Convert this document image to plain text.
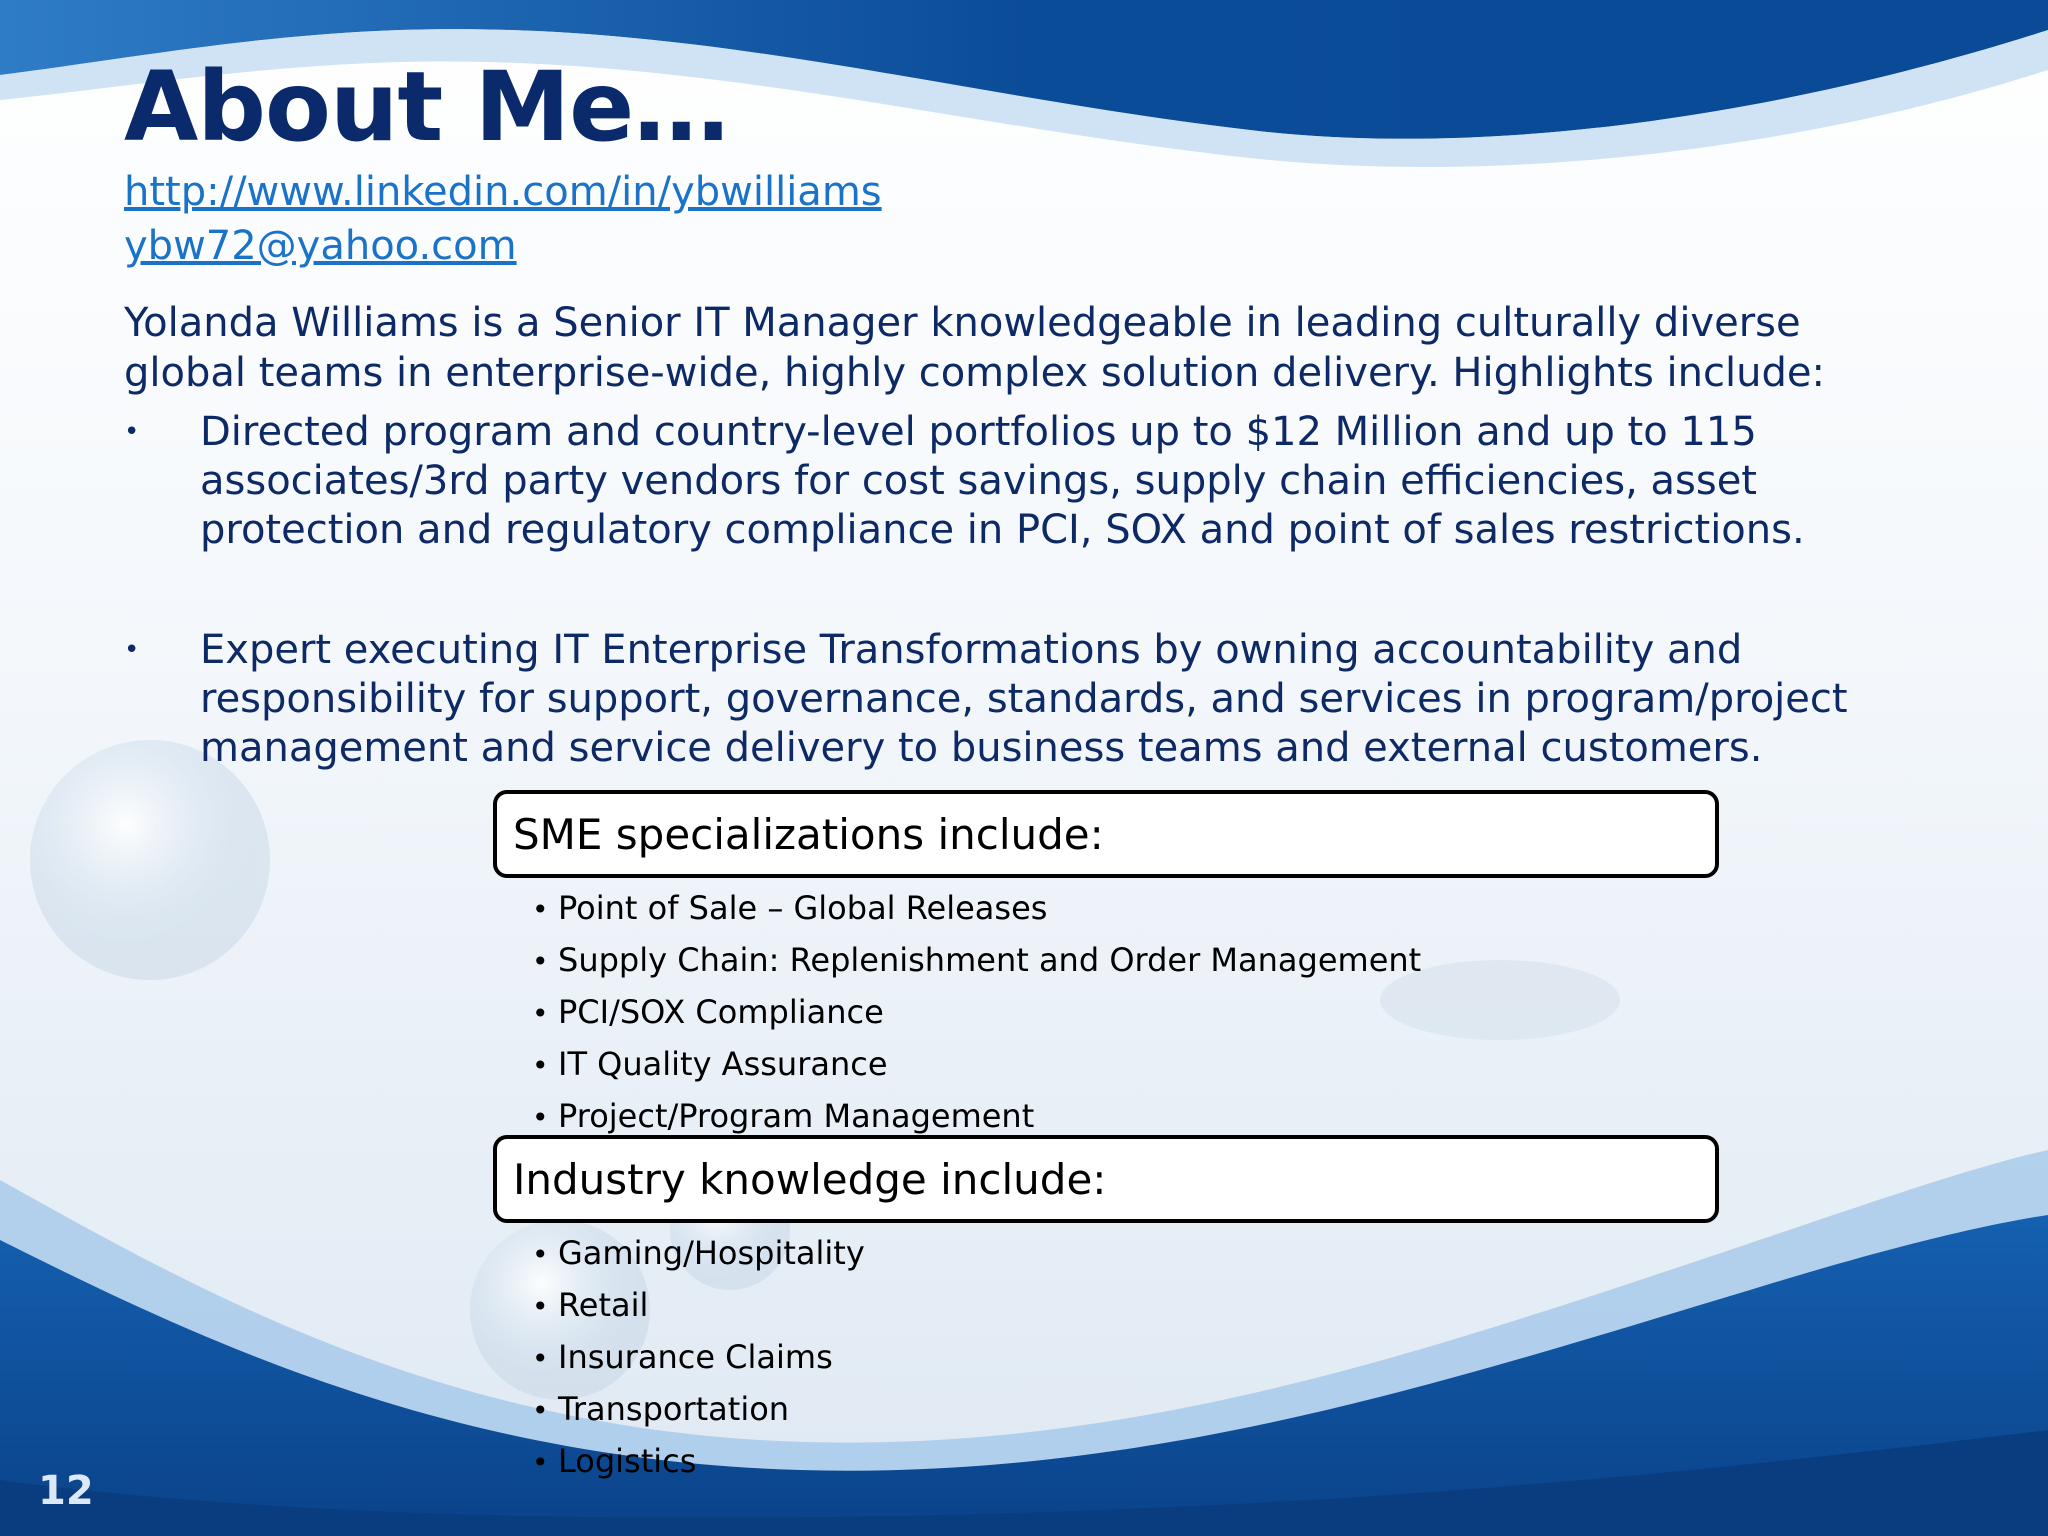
About Me…
http://www.linkedin.com/in/ybwilliams
ybw72@yahoo.com

Yolanda Williams is a Senior IT Manager knowledgeable in leading culturally diverse global teams in enterprise-wide, highly complex solution delivery. Highlights include:

• Directed program and country-level portfolios up to $12 Million and up to 115 associates/3rd party vendors for cost savings, supply chain efficiencies, asset protection and regulatory compliance in PCI, SOX and point of sales restrictions.
• Expert executing IT Enterprise Transformations by owning accountability and responsibility for support, governance, standards, and services in program/project management and service delivery to business teams and external customers.
SME specializations include:
• Point of Sale – Global Releases
• Supply Chain: Replenishment and Order Management
• PCI/SOX Compliance
• IT Quality Assurance
• Project/Program Management
Industry knowledge include:
• Gaming/Hospitality
• Retail
• Insurance Claims
• Transportation
• Logistics
12
